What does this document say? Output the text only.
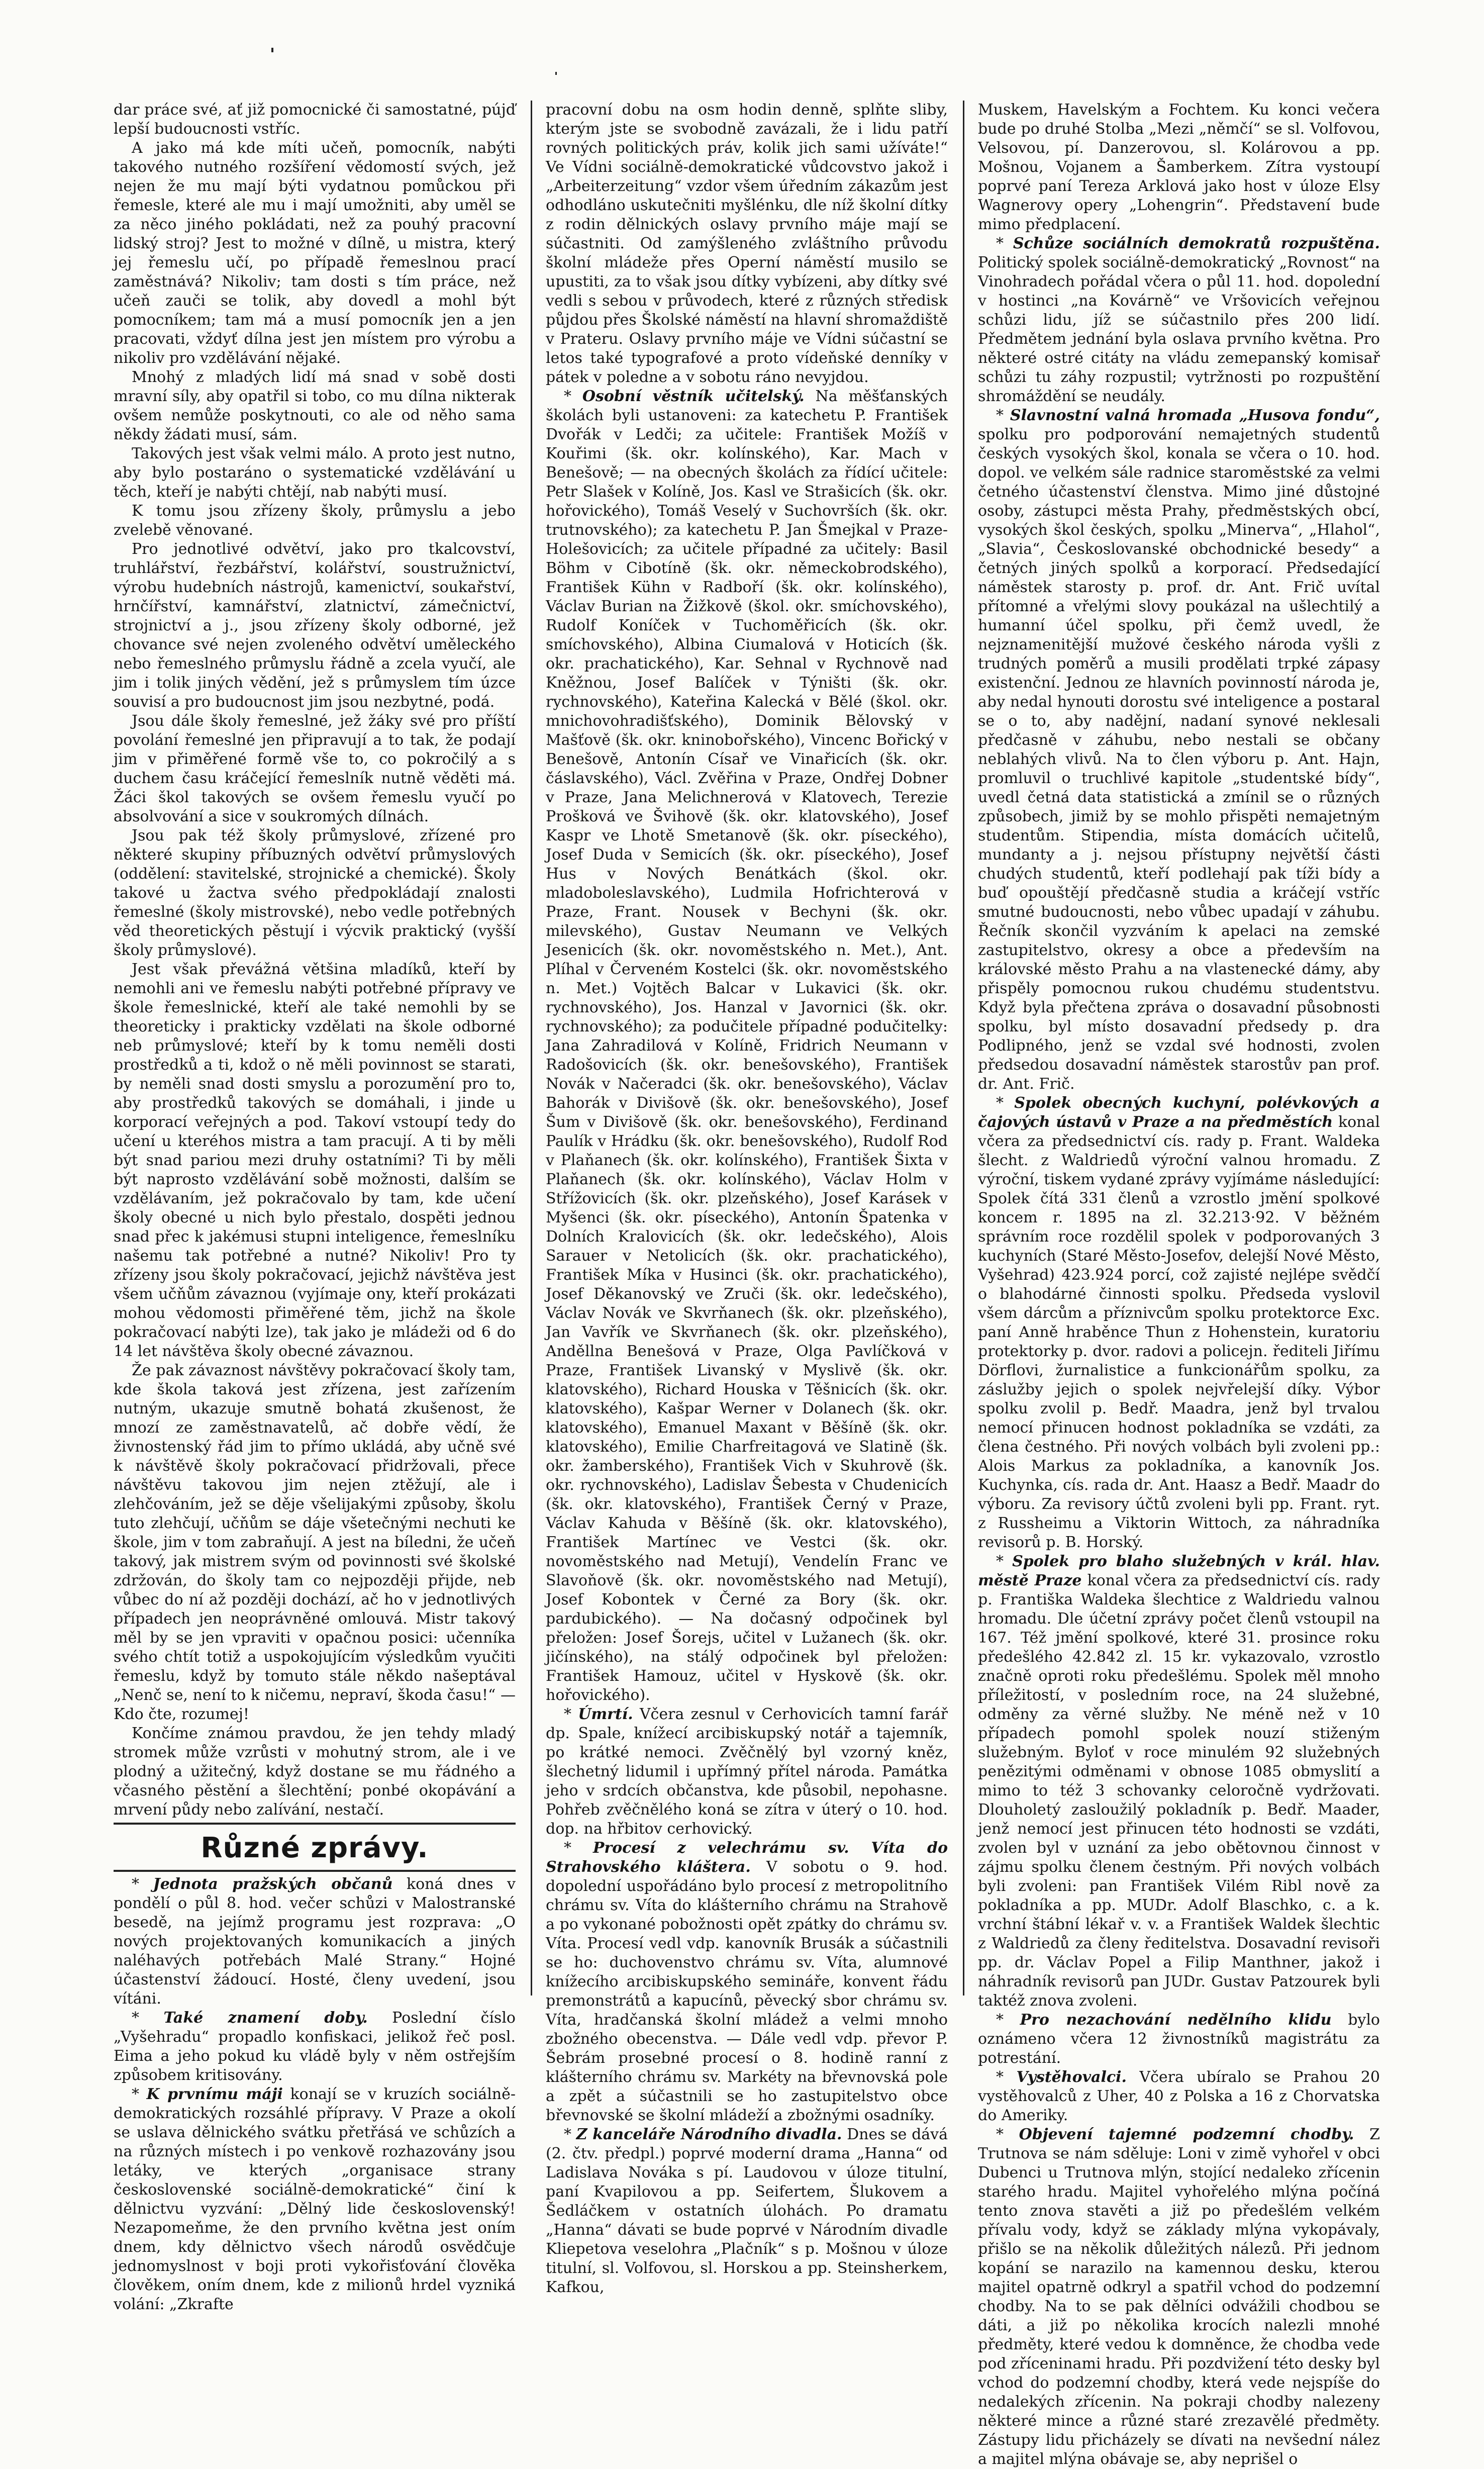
dar práce své, ať již pomocnické či samostatné, pújď lepší budoucnosti vstříc.

A jako má kde míti učeň, pomocník, nabýti takového nutného rozšíření vědomostí svých, jež nejen že mu mají býti vydatnou pomůckou při řemesle, které ale mu i mají umožniti, aby uměl se za něco jiného pokládati, než za pouhý pracovní lidský stroj? Jest to možné v dílně, u mistra, který jej řemeslu učí, po případě řemeslnou prací zaměstnává? Nikoliv; tam dosti s tím práce, než učeň zauči se tolik, aby dovedl a mohl být pomocníkem; tam má a musí pomocník jen a jen pracovati, vždyť dílna jest jen místem pro výrobu a nikoliv pro vzdělávání nějaké.

Mnohý z mladých lidí má snad v sobě dosti mravní síly, aby opatřil si tobo, co mu dílna nikterak ovšem nemůže poskytnouti, co ale od něho sama někdy žádati musí, sám.

Takových jest však velmi málo. A proto jest nutno, aby bylo postaráno o systematické vzdělávání u těch, kteří je nabýti chtějí, nab nabýti musí.

K tomu jsou zřízeny školy, průmyslu a jebo zvelebě věnované.

Pro jednotlivé odvětví, jako pro tkalcovství, truhlářství, řezbářství, kolářství, soustružnictví, výrobu hudebních nástrojů, kamenictví, soukařství, hrnčířství, kamnářství, zlatnictví, zámečnictví, strojnictví a j., jsou zřízeny školy odborné, jež chovance své nejen zvoleného odvětví uměleckého nebo řemeslného průmyslu řádně a zcela vyučí, ale jim i tolik jiných vědění, jež s průmyslem tím úzce souvisí a pro budoucnost jim jsou nezbytné, podá.

Jsou dále školy řemeslné, jež žáky své pro příští povolání řemeslné jen připravují a to tak, že podají jim v přiměřené formě vše to, co pokročilý a s duchem času kráčející řemeslník nutně věděti má. Žáci škol takových se ovšem řemeslu vyučí po absolvování a sice v soukromých dílnách.

Jsou pak též školy průmyslové, zřízené pro některé skupiny příbuzných odvětví průmyslových (oddělení: stavitelské, strojnické a chemické). Školy takové u žactva svého předpokládají znalosti řemeslné (školy mistrovské), nebo vedle potřebných věd theoretických pěstují i výcvik praktický (vyšší školy průmyslové).

Jest však převážná většina mladíků, kteří by nemohli ani ve řemeslu nabýti potřebné přípravy ve škole řemeslnické, kteří ale také nemohli by se theoreticky i prakticky vzdělati na škole odborné neb průmyslové; kteří by k tomu neměli dosti prostředků a ti, kdož o ně měli povinnost se starati, by neměli snad dosti smyslu a porozumění pro to, aby prostředků takových se domáhali, i jinde u korporací veřejných a pod. Takoví vstoupí tedy do učení u kteréhos mistra a tam pracují. A ti by měli být snad pariou mezi druhy ostatními? Ti by měli být naprosto vzdělávání sobě možnosti, dalším se vzdělávaním, jež pokračovalo by tam, kde učení školy obecné u nich bylo přestalo, dospěti jednou snad přec k jakémusi stupni inteligence, řemeslníku našemu tak potřebné a nutné? Nikoliv! Pro ty zřízeny jsou školy pokračovací, jejichž návštěva jest všem učňům závaznou (vyjímaje ony, kteří prokázati mohou vědomosti přiměřené těm, jichž na škole pokračovací nabýti lze), tak jako je mládeži od 6 do 14 let návštěva školy obecné závaznou.

Že pak závaznost návštěvy pokračovací školy tam, kde škola taková jest zřízena, jest zařízením nutným, ukazuje smutně bohatá zkušenost, že mnozí ze zaměstnavatelů, ač dobře vědí, že živnostenský řád jim to přímo ukládá, aby učně své k návštěvě školy pokračovací přidržovali, přece návštěvu takovou jim nejen ztěžují, ale i zlehčováním, jež se děje všelijakými způsoby, školu tuto zlehčují, učňům se dáje všetečnými nechuti ke škole, jim v tom zabraňují. A jest na bíledni, že učeň takový, jak mistrem svým od povinnosti své školské zdržován, do školy tam co nejpozději přijde, neb vůbec do ní až později dochází, ač ho v jednotlivých případech jen neoprávněné omlouvá. Mistr takový měl by se jen vpraviti v opačnou posici: učenníka svého chtít totiž a uspokojujícím výsledkům vyučiti řemeslu, když by tomuto stále někdo našeptával „Nenč se, není to k ničemu, nepraví, škoda času!“ — Kdo čte, rozumej!

Končíme známou pravdou, že jen tehdy mladý stromek může vzrůsti v mohutný strom, ale i ve plodný a užitečný, když dostane se mu řádného a včasného pěstění a šlechtění; ponbé okopávání a mrvení půdy nebo zalívání, nestačí.

Různé zprávy.

* Jednota pražských občanů koná dnes v pondělí o půl 8. hod. večer schůzi v Malostranské besedě, na jejímž programu jest rozprava: „O nových projektovaných komunikacích a jiných naléhavých potřebách Malé Strany.“ Hojné účastenství žádoucí. Hosté, členy uvedení, jsou vítáni.

* Také znamení doby. Poslední číslo „Vyšehradu“ propadlo konfiskaci, jelikož řeč posl. Eima a jeho pokud ku vládě byly v něm ostřejším způsobem kritisovány.

* K prvnímu máji konají se v kruzích sociálně-demokratických rozsáhlé přípravy. V Praze a okolí se uslava dělnického svátku přetřásá ve schůzích a na různých místech i po venkově rozhazovány jsou letáky, ve kterých „organisace strany československé sociálně-demokratické“ činí k dělnictvu vyzvání: „Dělný lide československý! Nezapomeňme, že den prvního května jest oním dnem, kdy dělnictvo všech národů osvědčuje jednomyslnost v boji proti vykořisťování člověka člověkem, oním dnem, kde z milionů hrdel vyzniká volání: „Zkrafte

pracovní dobu na osm hodin denně, splňte sliby, kterým jste se svobodně zavázali, že i lidu patří rovných politických práv, kolik jich sami užíváte!“ Ve Vídni sociálně-demokratické vůdcovstvo jakož i „Arbeiterzeitung“ vzdor všem úředním zákazům jest odhodláno uskutečniti myšlénku, dle níž školní dítky z rodin dělnických oslavy prvního máje mají se súčastniti. Od zamýšleného zvláštního průvodu školní mládeže přes Operní náměstí musilo se upustiti, za to však jsou dítky vybízeni, aby dítky své vedli s sebou v průvodech, které z různých středisk půjdou přes Školské náměstí na hlavní shromaždiště v Prateru. Oslavy prvního máje ve Vídni súčastní se letos také typografové a proto vídeňské denníky v pátek v poledne a v sobotu ráno nevyjdou.

* Osobní věstník učitelský. Na měšťanských školách byli ustanoveni: za katechetu P. František Dvořák v Ledči; za učitele: František Možíš v Kouřimi (šk. okr. kolínského), Kar. Mach v Benešově; — na obecných školách za řídící učitele: Petr Slašek v Kolíně, Jos. Kasl ve Strašicích (šk. okr. hořovického), Tomáš Veselý v Suchovrších (šk. okr. trutnovského); za katechetu P. Jan Šmejkal v Praze-Holešovicích; za učitele případné za učitely: Basil Böhm v Cibotíně (šk. okr. německobrodského), František Kühn v Radboří (šk. okr. kolínského), Václav Burian na Žižkově (škol. okr. smíchovského), Rudolf Koníček v Tuchoměřicích (šk. okr. smíchovského), Albina Ciumalová v Hoticích (šk. okr. prachatického), Kar. Sehnal v Rychnově nad Kněžnou, Josef Balíček v Týništi (šk. okr. rychnovského), Kateřina Kalecká v Bělé (škol. okr. mnichovohradišťského), Dominik Bělovský v Mašťově (šk. okr. kninobořského), Vincenc Bořický v Benešově, Antonín Císař ve Vinařicích (šk. okr. čáslavského), Václ. Zvěřina v Praze, Ondřej Dobner v Praze, Jana Melichnerová v Klatovech, Terezie Prošková ve Švihově (šk. okr. klatovského), Josef Kaspr ve Lhotě Smetanově (šk. okr. píseckého), Josef Duda v Semicích (šk. okr. píseckého), Josef Hus v Nových Benátkách (škol. okr. mladoboleslavského), Ludmila Hofrichterová v Praze, Frant. Nousek v Bechyni (šk. okr. milevského), Gustav Neumann ve Velkých Jesenicích (šk. okr. novoměstského n. Met.), Ant. Plíhal v Červeném Kostelci (šk. okr. novoměstského n. Met.) Vojtěch Balcar v Lukavici (šk. okr. rychnovského), Jos. Hanzal v Javornici (šk. okr. rychnovského); za podučitele případné podučitelky: Jana Zahradilová v Kolíně, Fridrich Neumann v Radošovicích (šk. okr. benešovského), František Novák v Načeradci (šk. okr. benešovského), Václav Bahorák v Divišově (šk. okr. benešovského), Josef Šum v Divišově (šk. okr. benešovského), Ferdinand Paulík v Hrádku (šk. okr. benešovského), Rudolf Rod v Plaňanech (šk. okr. kolínského), František Šixta v Plaňanech (šk. okr. kolínského), Václav Holm v Střížovicích (šk. okr. plzeňského), Josef Karásek v Myšenci (šk. okr. píseckého), Antonín Špatenka v Dolních Kralovicích (šk. okr. ledečského), Alois Sarauer v Netolicích (šk. okr. prachatického), František Míka v Husinci (šk. okr. prachatického), Josef Děkanovský ve Zruči (šk. okr. ledečského), Václav Novák ve Skvrňanech (šk. okr. plzeňského), Jan Vavřík ve Skvrňanech (šk. okr. plzeňského), Anděllna Benešová v Praze, Olga Pavlíčková v Praze, František Livanský v Myslivě (šk. okr. klatovského), Richard Houska v Těšnicích (šk. okr. klatovského), Kašpar Werner v Dolanech (šk. okr. klatovského), Emanuel Maxant v Běšíně (šk. okr. klatovského), Emilie Charfreitagová ve Slatině (šk. okr. žamberského), František Vich v Skuhrově (šk. okr. rychnovského), Ladislav Šebesta v Chudenicích (šk. okr. klatovského), František Černý v Praze, Václav Kahuda v Běšíně (šk. okr. klatovského), František Martínec ve Vestci (šk. okr. novoměstského nad Metují), Vendelín Franc ve Slavoňově (šk. okr. novoměstského nad Metují), Josef Kobontek v Černé za Bory (šk. okr. pardubického). — Na dočasný odpočinek byl přeložen: Josef Šorejs, učitel v Lužanech (šk. okr. jičínského), na stálý odpočinek byl přeložen: František Hamouz, učitel v Hyskově (šk. okr. hořovického).

* Úmrtí. Včera zesnul v Cerhovicích tamní farář dp. Spale, knížecí arcibiskupský notář a tajemník, po krátké nemoci. Zvěčnělý byl vzorný kněz, šlechetný lidumil i upřímný přítel národa. Památka jeho v srdcích občanstva, kde působil, nepohasne. Pohřeb zvěčnělého koná se zítra v úterý o 10. hod. dop. na hřbitov cerhovický.

* Procesí z velechrámu sv. Víta do Strahovského kláštera. V sobotu o 9. hod. dopolední uspořádáno bylo procesí z metropolitního chrámu sv. Víta do klášterního chrámu na Strahově a po vykonané pobožnosti opět zpátky do chrámu sv. Víta. Procesí vedl vdp. kanovník Brusák a súčastnili se ho: duchovenstvo chrámu sv. Víta, alumnové knížecího arcibiskupského semináře, konvent řádu premonstrátů a kapucínů, pěvecký sbor chrámu sv. Víta, hradčanská školní mládež a velmi mnoho zbožného obecenstva. — Dále vedl vdp. převor P. Šebrám prosebné procesí o 8. hodině ranní z klášterního chrámu sv. Markéty na břevnovská pole a zpět a súčastnili se ho zastupitelstvo obce břevnovské se školní mládeží a zbožnými osadníky.

* Z kanceláře Národního divadla. Dnes se dává (2. čtv. předpl.) poprvé moderní drama „Hanna“ od Ladislava Nováka s pí. Laudovou v úloze titulní, paní Kvapilovou a pp. Seifertem, Šlukovem a Šedláčkem v ostatních úlohách. Po dramatu „Hanna“ dávati se bude poprvé v Národním divadle Kliepetova veselohra „Plačník“ s p. Mošnou v úloze titulní, sl. Volfovou, sl. Horskou a pp. Steinsherkem, Kafkou,

Muskem, Havelským a Fochtem. Ku konci večera bude po druhé Stolba „Mezi „němčí“ se sl. Volfovou, Velsovou, pí. Danzerovou, sl. Kolárovou a pp. Mošnou, Vojanem a Šamberkem. Zítra vystoupí poprvé paní Tereza Arklová jako host v úloze Elsy Wagnerovy opery „Lohengrin“. Představení bude mimo předplacení.

* Schůze sociálních demokratů rozpuštěna. Politický spolek sociálně-demokratický „Rovnost“ na Vinohradech pořádal včera o půl 11. hod. dopolední v hostinci „na Kovárně“ ve Vršovicích veřejnou schůzi lidu, jíž se súčastnilo přes 200 lidí. Předmětem jednání byla oslava prvního května. Pro některé ostré citáty na vládu zemepanský komisař schůzi tu záhy rozpustil; vytržnosti po rozpuštění shromáždění se neudály.

* Slavnostní valná hromada „Husova fondu“, spolku pro podporování nemajetných studentů českých vysokých škol, konala se včera o 10. hod. dopol. ve velkém sále radnice staroměstské za velmi četného účastenství členstva. Mimo jiné důstojné osoby, zástupci města Prahy, předměstských obcí, vysokých škol českých, spolku „Minerva“, „Hlahol“, „Slavia“, Českoslovanské obchodnické besedy“ a četných jiných spolků a korporací. Předsedající náměstek starosty p. prof. dr. Ant. Frič uvítal přítomné a vřelými slovy poukázal na ušlechtilý a humanní účel spolku, při čemž uvedl, že nejznamenitější mužové českého národa vyšli z trudných poměrů a musili prodělati trpké zápasy existenční. Jednou ze hlavních povinností národa je, aby nedal hynouti dorostu své inteligence a postaral se o to, aby nadějní, nadaní synové neklesali předčasně v záhubu, nebo nestali se občany neblahých vlivů. Na to člen výboru p. Ant. Hajn, promluvil o truchlivé kapitole „studentské bídy“, uvedl četná data statistická a zmínil se o různých způsobech, jimiž by se mohlo přispěti nemajetným studentům. Stipendia, místa domácích učitelů, mundanty a j. nejsou přístupny největší části chudých studentů, kteří podlehají pak tíži bídy a buď opouštějí předčasně studia a kráčejí vstříc smutné budoucnosti, nebo vůbec upadají v záhubu. Řečník skončil vyzváním k apelaci na zemské zastupitelstvo, okresy a obce a především na královské město Prahu a na vlastenecké dámy, aby přispěly pomocnou rukou chudému studentstvu. Když byla přečtena zpráva o dosavadní působnosti spolku, byl místo dosavadní předsedy p. dra Podlipného, jenž se vzdal své hodnosti, zvolen předsedou dosavadní náměstek starostův pan prof. dr. Ant. Frič.

* Spolek obecných kuchyní, polévkových a čajových ústavů v Praze a na předměstích konal včera za předsednictví cís. rady p. Frant. Waldeka šlecht. z Waldriedů výroční valnou hromadu. Z výroční, tiskem vydané zprávy vyjímáme následující: Spolek čítá 331 členů a vzrostlo jmění spolkové koncem r. 1895 na zl. 32.213·92. V běžném správním roce rozdělil spolek v podporovaných 3 kuchyních (Staré Město-Josefov, delejší Nové Město, Vyšehrad) 423.924 porcí, což zajisté nejlépe svědčí o blahodárné činnosti spolku. Předseda vyslovil všem dárcům a příznivcům spolku protektorce Exc. paní Anně hraběnce Thun z Hohenstein, kuratoriu protektorky p. dvor. radovi a policejn. řediteli Jiřímu Dörflovi, žurnalistice a funkcionářům spolku, za záslužby jejich o spolek nejvřelejší díky. Výbor spolku zvolil p. Bedř. Maadra, jenž byl trvalou nemocí přinucen hodnost pokladníka se vzdáti, za člena čestného. Při nových volbách byli zvoleni pp.: Alois Markus za pokladníka, a kanovník Jos. Kuchynka, cís. rada dr. Ant. Haasz a Bedř. Maadr do výboru. Za revisory účtů zvoleni byli pp. Frant. ryt. z Russheimu a Viktorin Wittoch, za náhradníka revisorů p. B. Horský.

* Spolek pro blaho služebných v král. hlav. městě Praze konal včera za předsednictví cís. rady p. Františka Waldeka šlechtice z Waldriedu valnou hromadu. Dle účetní zprávy počet členů vstoupil na 167. Též jmění spolkové, které 31. prosince roku předešlého 42.842 zl. 15 kr. vykazovalo, vzrostlo značně oproti roku předešlému. Spolek měl mnoho příležitostí, v posledním roce, na 24 služebné, odměny za věrné služby. Ne méně než v 10 případech pomohl spolek nouzí stiženým služebným. Byloť v roce minulém 92 služebných penězitými odměnami v obnose 1085 obmyslití a mimo to též 3 schovanky celoročně vydržovati. Dlouholetý zasloužilý pokladník p. Bedř. Maader, jenž nemocí jest přinucen této hodnosti se vzdáti, zvolen byl v uznání za jebo obětovnou činnost v zájmu spolku členem čestným. Při nových volbách byli zvoleni: pan František Vilém Ribl nově za pokladníka a pp. MUDr. Adolf Blaschko, c. a k. vrchní štábní lékař v. v. a František Waldek šlechtic z Waldriedů za členy ředitelstva. Dosavadní revisoři pp. dr. Václav Popel a Filip Manthner, jakož i náhradník revisorů pan JUDr. Gustav Patzourek byli taktéž znova zvoleni.

* Pro nezachování nedělního klidu bylo oznámeno včera 12 živnostníků magistrátu za potrestání.

* Vystěhovalci. Včera ubíralo se Prahou 20 vystěhovalců z Uher, 40 z Polska a 16 z Chorvatska do Ameriky.

* Objevení tajemné podzemní chodby. Z Trutnova se nám sděluje: Loni v zimě vyhořel v obci Dubenci u Trutnova mlýn, stojící nedaleko zřícenin starého hradu. Majitel vyhořelého mlýna počíná tento znova stavěti a již po předešlém velkém přívalu vody, když se základy mlýna vykopávaly, přišlo se na několik důležitých nálezů. Při jednom kopání se narazilo na kamennou desku, kterou majitel opatrně odkryl a spatřil vchod do podzemní chodby. Na to se pak dělníci odvážili chodbou se dáti, a již po několika krocích nalezli mnohé předměty, které vedou k domněnce, že chodba vede pod zříceninami hradu. Při pozdvižení této desky byl vchod do podzemní chodby, která vede nejspíše do nedalekých zřícenin. Na pokraji chodby nalezeny některé mince a různé staré zrezavělé předměty. Zástupy lidu přicházely se dívati na nevšední nález a majitel mlýna obávaje se, aby neprišel o
